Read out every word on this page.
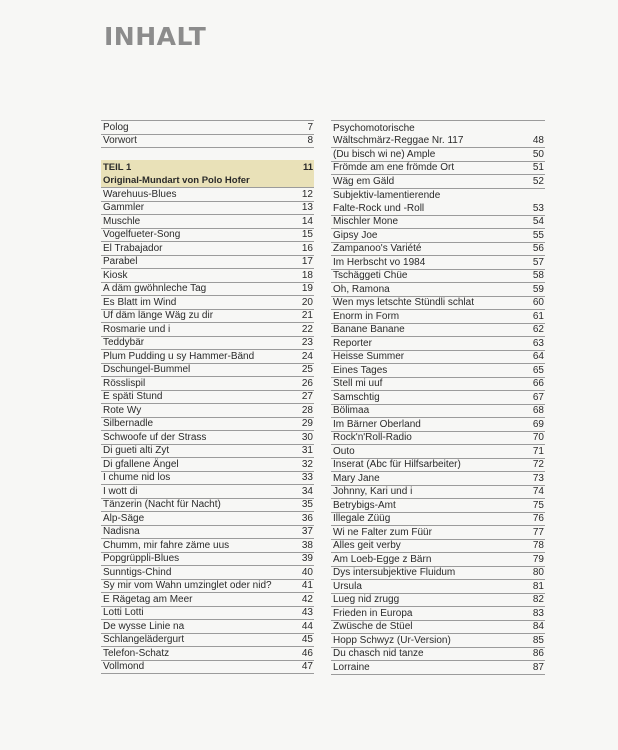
INHALT
Polog	7
Vorwort	8
TEIL 1	11
Original-Mundart von Polo Hofer
Warehuus-Blues	12
Gammler	13
Muschle	14
Vogelfueter-Song	15
El Trabajador	16
Parabel	17
Kiosk	18
A däm gwöhnleche Tag	19
Es Blatt im Wind	20
Uf däm länge Wäg zu dir	21
Rosmarie und i	22
Teddybär	23
Plum Pudding u sy Hammer-Bänd	24
Dschungel-Bummel	25
Rösslispil	26
E späti Stund	27
Rote Wy	28
Silbernadle	29
Schwoofe uf der Strass	30
Di gueti alti Zyt	31
Di gfallene Ängel	32
I chume nid los	33
I wott di	34
Tänzerin (Nacht für Nacht)	35
Alp-Säge	36
Nadisna	37
Chumm, mir fahre zäme uus	38
Popgrüppli-Blues	39
Sunntigs-Chind	40
Sy mir vom Wahn umzinglet oder nid?	41
E Rägetag am Meer	42
Lotti Lotti	43
De wysse Linie na	44
Schlangelädergurt	45
Telefon-Schatz	46
Vollmond	47
Psychomotorische
Wältschmärz-Reggae Nr. 117	48
(Du bisch wi ne) Ample	50
Frömde am ene frömde Ort	51
Wäg em Gäld	52
Subjektiv-lamentierende
Falte-Rock und -Roll	53
Mischler Mone	54
Gipsy Joe	55
Zampanoo's Variété	56
Im Herbscht vo 1984	57
Tschäggeti Chüe	58
Oh, Ramona	59
Wen mys letschte Stündli schlat	60
Enorm in Form	61
Banane Banane	62
Reporter	63
Heisse Summer	64
Eines Tages	65
Stell mi uuf	66
Samschtig	67
Bölimaa	68
Im Bärner Oberland	69
Rock'n'Roll-Radio	70
Outo	71
Inserat (Abc für Hilfsarbeiter)	72
Mary Jane	73
Johnny, Kari und i	74
Betrybigs-Amt	75
Illegale Züüg	76
Wi ne Falter zum Füür	77
Alles geit verby	78
Am Loeb-Egge z Bärn	79
Dys intersubjektive Fluidum	80
Ursula	81
Lueg nid zrugg	82
Frieden in Europa	83
Zwüsche de Stüel	84
Hopp Schwyz (Ur-Version)	85
Du chasch nid tanze	86
Lorraine	87
